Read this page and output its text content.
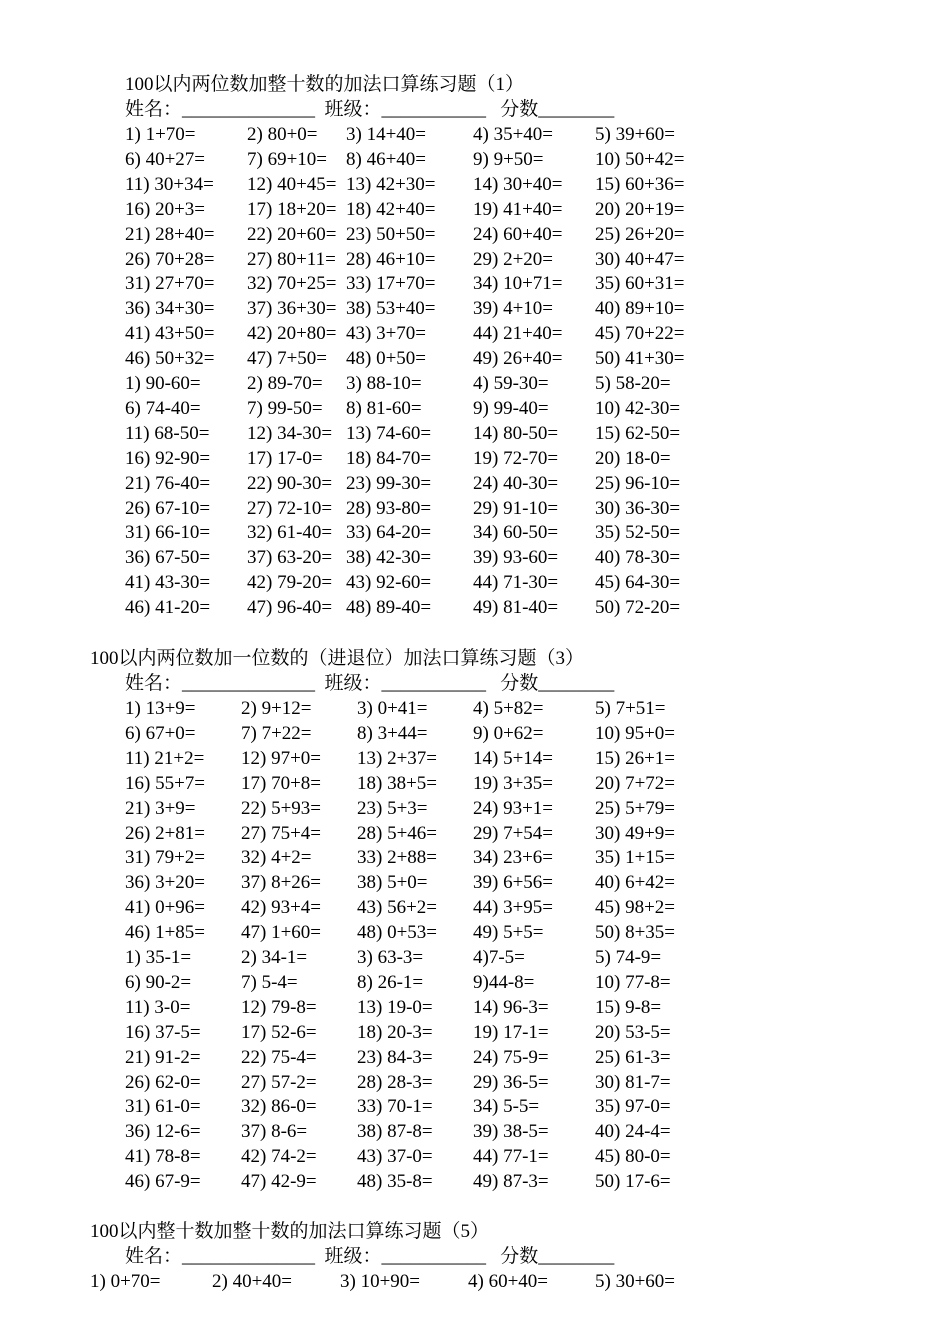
100以内两位数加整十数的加法口算练习题（1）
姓名：______________  班级：___________   分数________
1) 1+70=	2) 80+0= 3) 14+40= 4) 35+40= 5) 39+60=
6) 40+27= 7) 69+10= 8) 46+40= 9) 9+50=	10) 50+42=
11) 30+34= 12) 40+45= 13) 42+30= 14) 30+40= 15) 60+36=
16) 20+3= 17) 18+20= 18) 42+40= 19) 41+40= 20) 20+19=
21) 28+40= 22) 20+60= 23) 50+50= 24) 60+40= 25) 26+20=
26) 70+28= 27) 80+11= 28) 46+10= 29) 2+20= 30) 40+47=
31) 27+70= 32) 70+25= 33) 17+70= 34) 10+71= 35) 60+31=
36) 34+30= 37) 36+30= 38) 53+40= 39) 4+10= 40) 89+10=
41) 43+50= 42) 20+80= 43) 3+70= 44) 21+40= 45) 70+22=
46) 50+32= 47) 7+50= 48) 0+50= 49) 26+40= 50) 41+30=
1) 90-60= 2) 89-70= 3) 88-10=	4) 59-30= 5) 58-20=
6) 74-40= 7) 99-50= 8) 81-60=	9) 99-40= 10) 42-30=
11) 68-50= 12) 34-30= 13) 74-60= 14) 80-50= 15) 62-50=
16) 92-90= 17) 17-0= 18) 84-70= 19) 72-70= 20) 18-0=
21) 76-40= 22) 90-30= 23) 99-30= 24) 40-30= 25) 96-10=
26) 67-10= 27) 72-10= 28) 93-80= 29) 91-10= 30) 36-30=
31) 66-10= 32) 61-40= 33) 64-20= 34) 60-50= 35) 52-50=
36) 67-50= 37) 63-20= 38) 42-30= 39) 93-60= 40) 78-30=
41) 43-30= 42) 79-20= 43) 92-60= 44) 71-30= 45) 64-30=
46) 41-20= 47) 96-40= 48) 89-40= 49) 81-40= 50) 72-20=
100以内两位数加一位数的（进退位）加法口算练习题（3）
姓名：______________  班级：___________   分数________
1) 13+9= 2) 9+12= 3) 0+41= 4) 5+82=	5) 7+51=
6) 67+0= 7) 7+22= 8) 3+44= 9) 0+62=	10) 95+0=
11) 21+2= 12) 97+0= 13) 2+37= 14) 5+14= 15) 26+1=
16) 55+7= 17) 70+8= 18) 38+5= 19) 3+35= 20) 7+72=
21) 3+9= 22) 5+93= 23) 5+3= 24) 93+1= 25) 5+79=
26) 2+81= 27) 75+4= 28) 5+46= 29) 7+54= 30) 49+9=
31) 79+2= 32) 4+2= 33) 2+88= 34) 23+6= 35) 1+15=
36) 3+20= 37) 8+26= 38) 5+0= 39) 6+56= 40) 6+42=
41) 0+96= 42) 93+4= 43) 56+2= 44) 3+95= 45) 98+2=
46) 1+85= 47) 1+60= 48) 0+53= 49) 5+5=	50) 8+35=
1) 35-1=	2) 34-1=	3) 63-3=	4)7-5=	5) 74-9=
6) 90-2=	7) 5-4=	8) 26-1=	9)44-8=	10) 77-8=
11) 3-0=	12) 79-8= 13) 19-0= 14) 96-3= 15) 9-8=
16) 37-5= 17) 52-6= 18) 20-3= 19) 17-1= 20) 53-5=
21) 91-2= 22) 75-4= 23) 84-3= 24) 75-9= 25) 61-3=
26) 62-0= 27) 57-2= 28) 28-3= 29) 36-5= 30) 81-7=
31) 61-0= 32) 86-0= 33) 70-1= 34) 5-5=	35) 97-0=
36) 12-6= 37) 8-6=	38) 87-8= 39) 38-5= 40) 24-4=
41) 78-8= 42) 74-2= 43) 37-0= 44) 77-1= 45) 80-0=
46) 67-9= 47) 42-9= 48) 35-8= 49) 87-3= 50) 17-6=
100以内整十数加整十数的加法口算练习题（5）
姓名：______________  班级：___________   分数________
1) 0+70=	2) 40+40=	3) 10+90=	4) 60+40= 5) 30+60=
